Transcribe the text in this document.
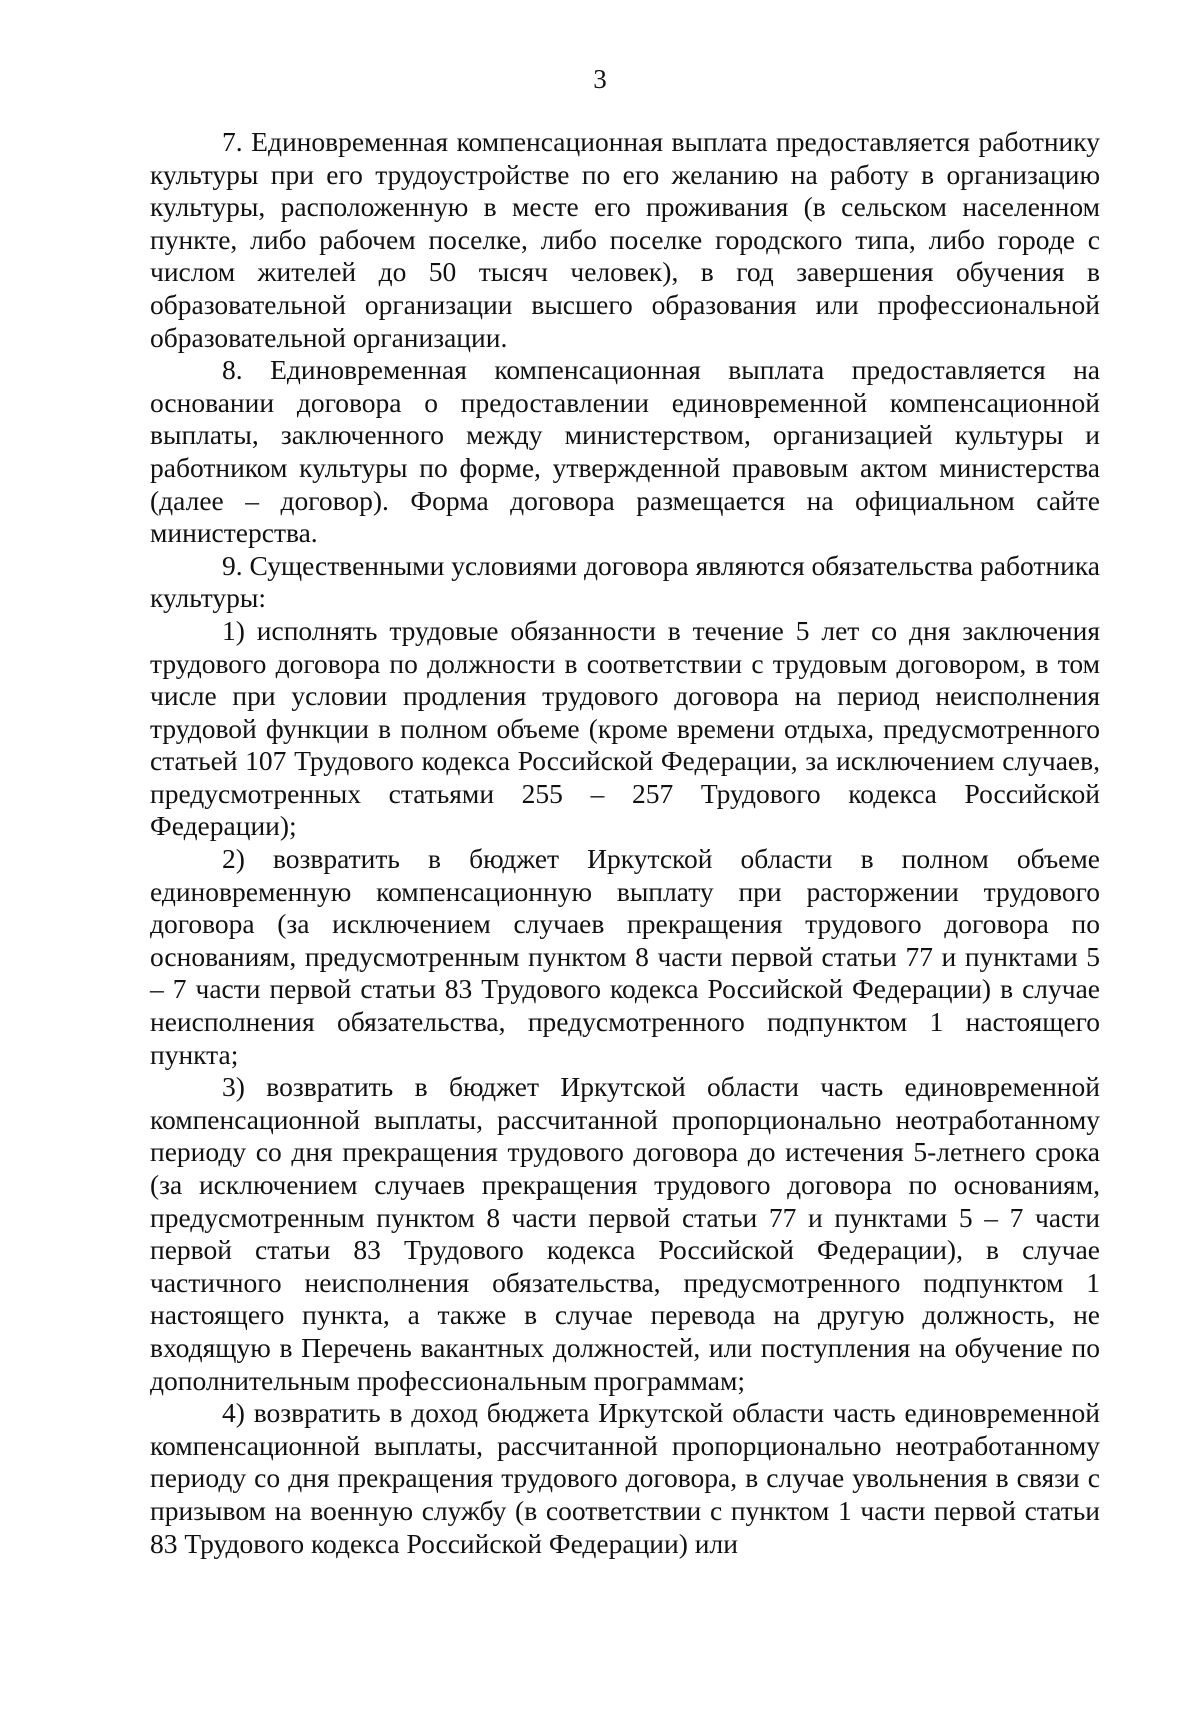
3

7. Единовременная компенсационная выплата предоставляется работнику культуры при его трудоустройстве по его желанию на работу в организацию культуры, расположенную в месте его проживания (в сельском населенном пункте, либо рабочем поселке, либо поселке городского типа, либо городе с числом жителей до 50 тысяч человек), в год завершения обучения в образовательной организации высшего образования или профессиональной образовательной организации.

8. Единовременная компенсационная выплата предоставляется на основании договора о предоставлении единовременной компенсационной выплаты, заключенного между министерством, организацией культуры и работником культуры по форме, утвержденной правовым актом министерства (далее – договор). Форма договора размещается на официальном сайте министерства.

9. Существенными условиями договора являются обязательства работника культуры:

1) исполнять трудовые обязанности в течение 5 лет со дня заключения трудового договора по должности в соответствии с трудовым договором, в том числе при условии продления трудового договора на период неисполнения трудовой функции в полном объеме (кроме времени отдыха, предусмотренного статьей 107 Трудового кодекса Российской Федерации, за исключением случаев, предусмотренных статьями 255 – 257 Трудового кодекса Российской Федерации);

2) возвратить в бюджет Иркутской области в полном объеме единовременную компенсационную выплату при расторжении трудового договора (за исключением случаев прекращения трудового договора по основаниям, предусмотренным пунктом 8 части первой статьи 77 и пунктами 5 – 7 части первой статьи 83 Трудового кодекса Российской Федерации) в случае неисполнения обязательства, предусмотренного подпунктом 1 настоящего пункта;

3) возвратить в бюджет Иркутской области часть единовременной компенсационной выплаты, рассчитанной пропорционально неотработанному периоду со дня прекращения трудового договора до истечения 5-летнего срока (за исключением случаев прекращения трудового договора по основаниям, предусмотренным пунктом 8 части первой статьи 77 и пунктами 5 – 7 части первой статьи 83 Трудового кодекса Российской Федерации), в случае частичного неисполнения обязательства, предусмотренного подпунктом 1 настоящего пункта, а также в случае перевода на другую должность, не входящую в Перечень вакантных должностей, или поступления на обучение по дополнительным профессиональным программам;

4) возвратить в доход бюджета Иркутской области часть единовременной компенсационной выплаты, рассчитанной пропорционально неотработанному периоду со дня прекращения трудового договора, в случае увольнения в связи с призывом на военную службу (в соответствии с пунктом 1 части первой статьи 83 Трудового кодекса Российской Федерации) или
